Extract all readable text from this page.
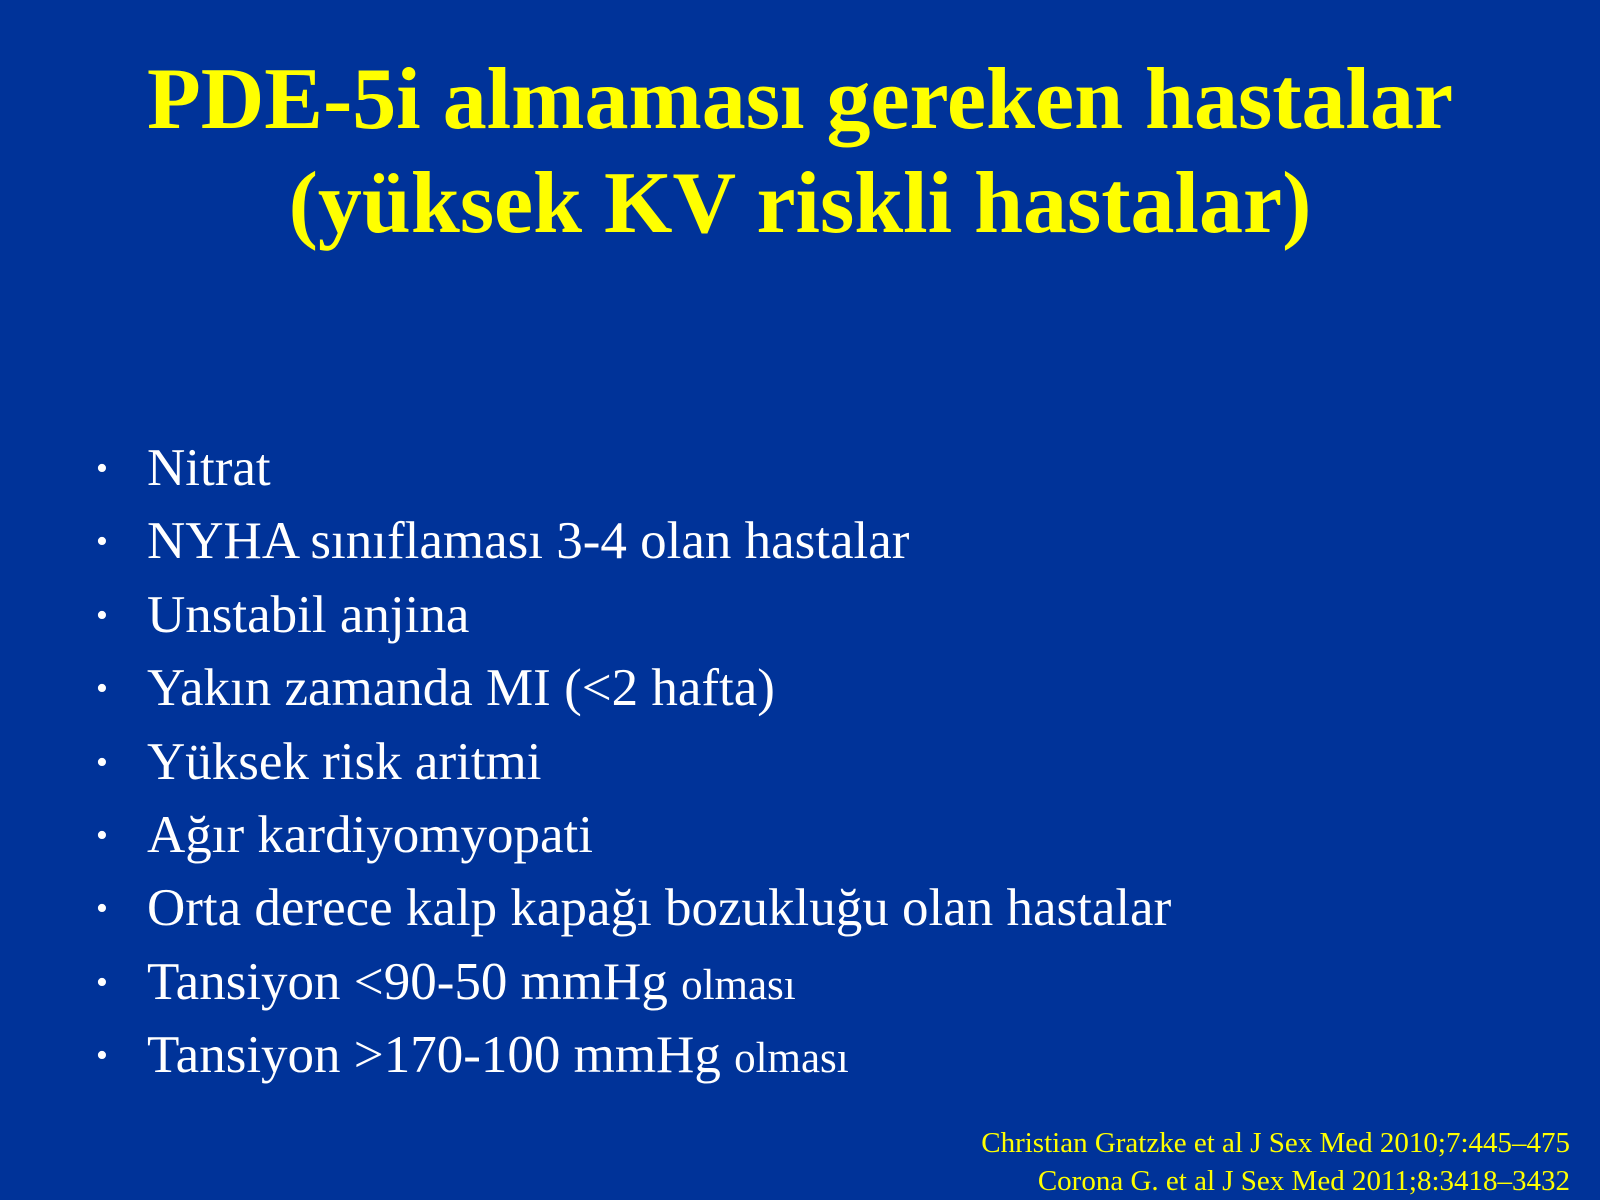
PDE-5i almaması gereken hastalar
(yüksek KV riskli hastalar)
• Nitrat
• NYHA sınıflaması 3-4 olan hastalar
• Unstabil anjina
• Yakın zamanda MI (<2 hafta)
• Yüksek risk aritmi
• Ağır kardiyomyopati
• Orta derece kalp kapağı bozukluğu olan hastalar
• Tansiyon <90-50 mmHg olması
• Tansiyon >170-100 mmHg olması
Christian Gratzke et al J Sex Med 2010;7:445–475
Corona G. et al J Sex Med 2011;8:3418–3432
